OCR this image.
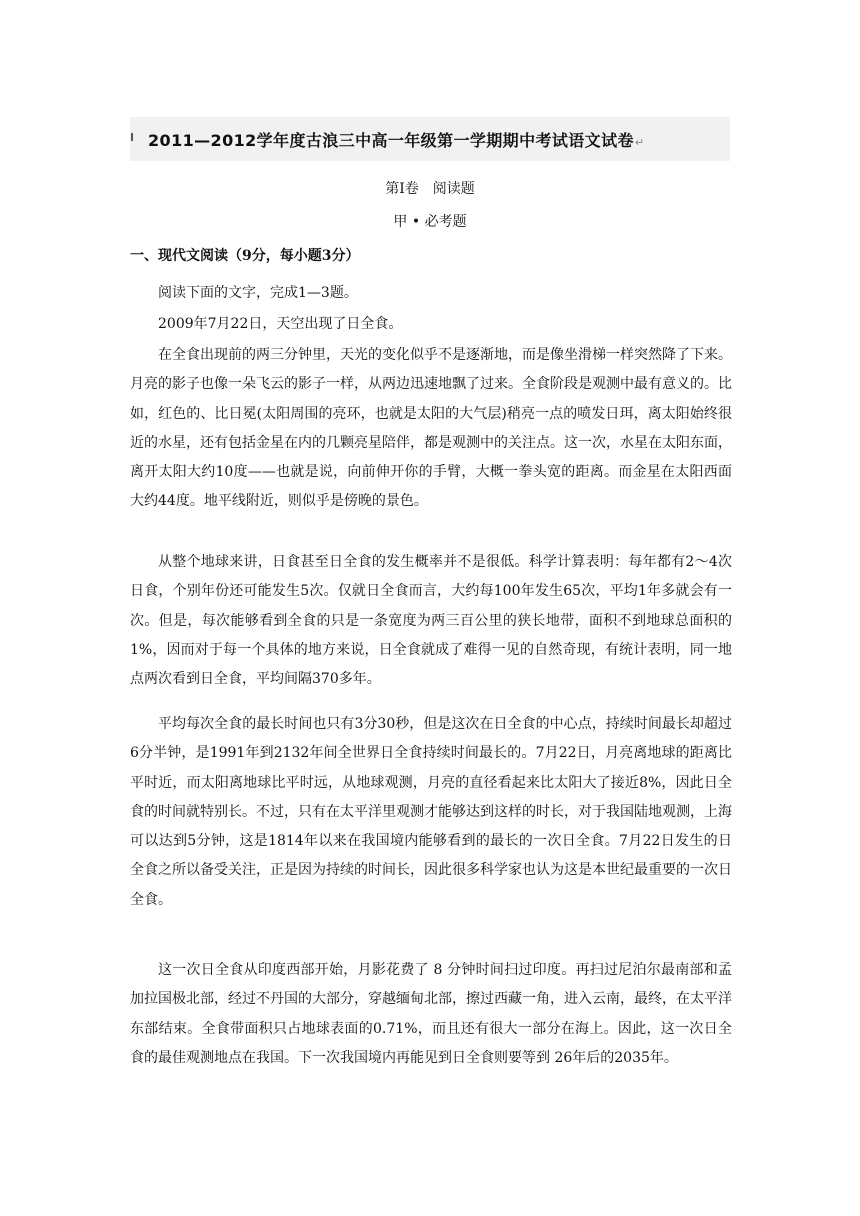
2011—2012学年度古浪三中高一年级第一学期期中考试语文试卷↵
第Ⅰ卷　阅读题
甲 • 必考题
一、现代文阅读（9分，每小题3分）

阅读下面的文字，完成1—3题。

2009年7月22日，天空出现了日全食。

在全食出现前的两三分钟里，天光的变化似乎不是逐渐地，而是像坐滑梯一样突然降了下来。月亮的影子也像一朵飞云的影子一样，从两边迅速地飘了过来。全食阶段是观测中最有意义的。比如，红色的、比日冕(太阳周围的亮环，也就是太阳的大气层)稍亮一点的喷发日珥，离太阳始终很近的水星，还有包括金星在内的几颗亮星陪伴，都是观测中的关注点。这一次，水星在太阳东面，离开太阳大约10度——也就是说，向前伸开你的手臂，大概一拳头宽的距离。而金星在太阳西面大约44度。地平线附近，则似乎是傍晚的景色。

从整个地球来讲，日食甚至日全食的发生概率并不是很低。科学计算表明：每年都有2～4次日食，个别年份还可能发生5次。仅就日全食而言，大约每100年发生65次，平均1年多就会有一次。但是，每次能够看到全食的只是一条宽度为两三百公里的狭长地带，面积不到地球总面积的1%，因而对于每一个具体的地方来说，日全食就成了难得一见的自然奇现，有统计表明，同一地点两次看到日全食，平均间隔370多年。

平均每次全食的最长时间也只有3分30秒，但是这次在日全食的中心点，持续时间最长却超过6分半钟，是1991年到2132年间全世界日全食持续时间最长的。7月22日，月亮离地球的距离比平时近，而太阳离地球比平时远，从地球观测，月亮的直径看起来比太阳大了接近8%，因此日全食的时间就特别长。不过，只有在太平洋里观测才能够达到这样的时长，对于我国陆地观测，上海可以达到5分钟，这是1814年以来在我国境内能够看到的最长的一次日全食。7月22日发生的日全食之所以备受关注，正是因为持续的时间长，因此很多科学家也认为这是本世纪最重要的一次日全食。

这一次日全食从印度西部开始，月影花费了 8 分钟时间扫过印度。再扫过尼泊尔最南部和孟加拉国极北部，经过不丹国的大部分，穿越缅甸北部，擦过西藏一角，进入云南，最终，在太平洋东部结束。全食带面积只占地球表面的0.71%，而且还有很大一部分在海上。因此，这一次日全食的最佳观测地点在我国。下一次我国境内再能见到日全食则要等到 26年后的2035年。
